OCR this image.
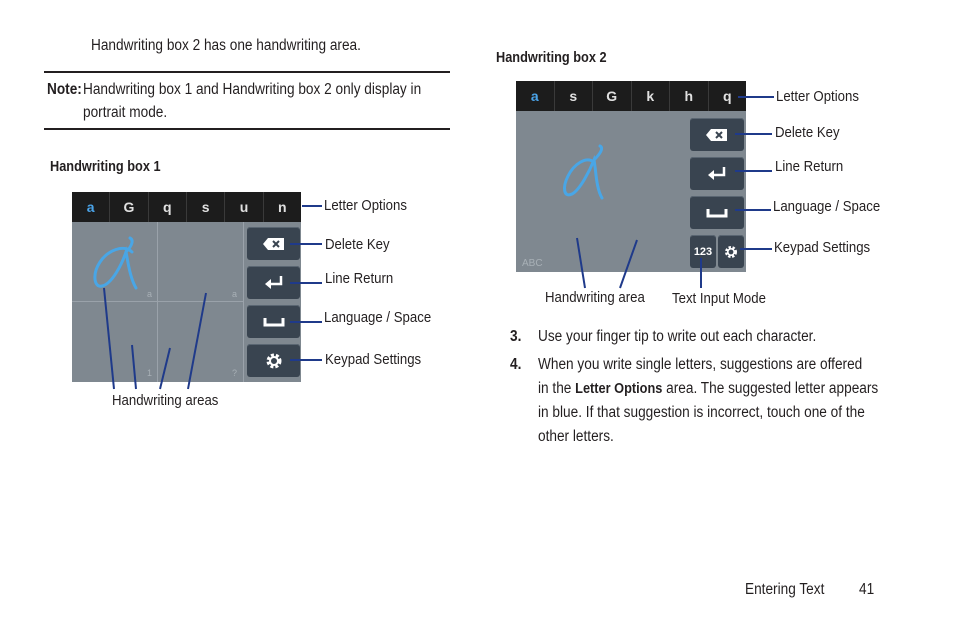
Handwriting box 2 has one handwriting area.
Note: Handwriting box 1 and Handwriting box 2 only display in
portrait mode.
Handwriting box 1
a	G	q	s	u	n
a	a
1	?
Letter Options
Delete Key
Line Return
Language / Space
Keypad Settings
Handwriting areas
Handwriting box 2
a	s	G	k	h	q
ABC
123
Letter Options
Delete Key
Line Return
Language / Space
Keypad Settings
Handwriting area Text Input Mode
3. Use your finger tip to write out each character.
4. When you write single letters, suggestions are offered
in the Letter Options area. The suggested letter appears
in blue. If that suggestion is incorrect, touch one of the
other letters.
Entering Text 41
